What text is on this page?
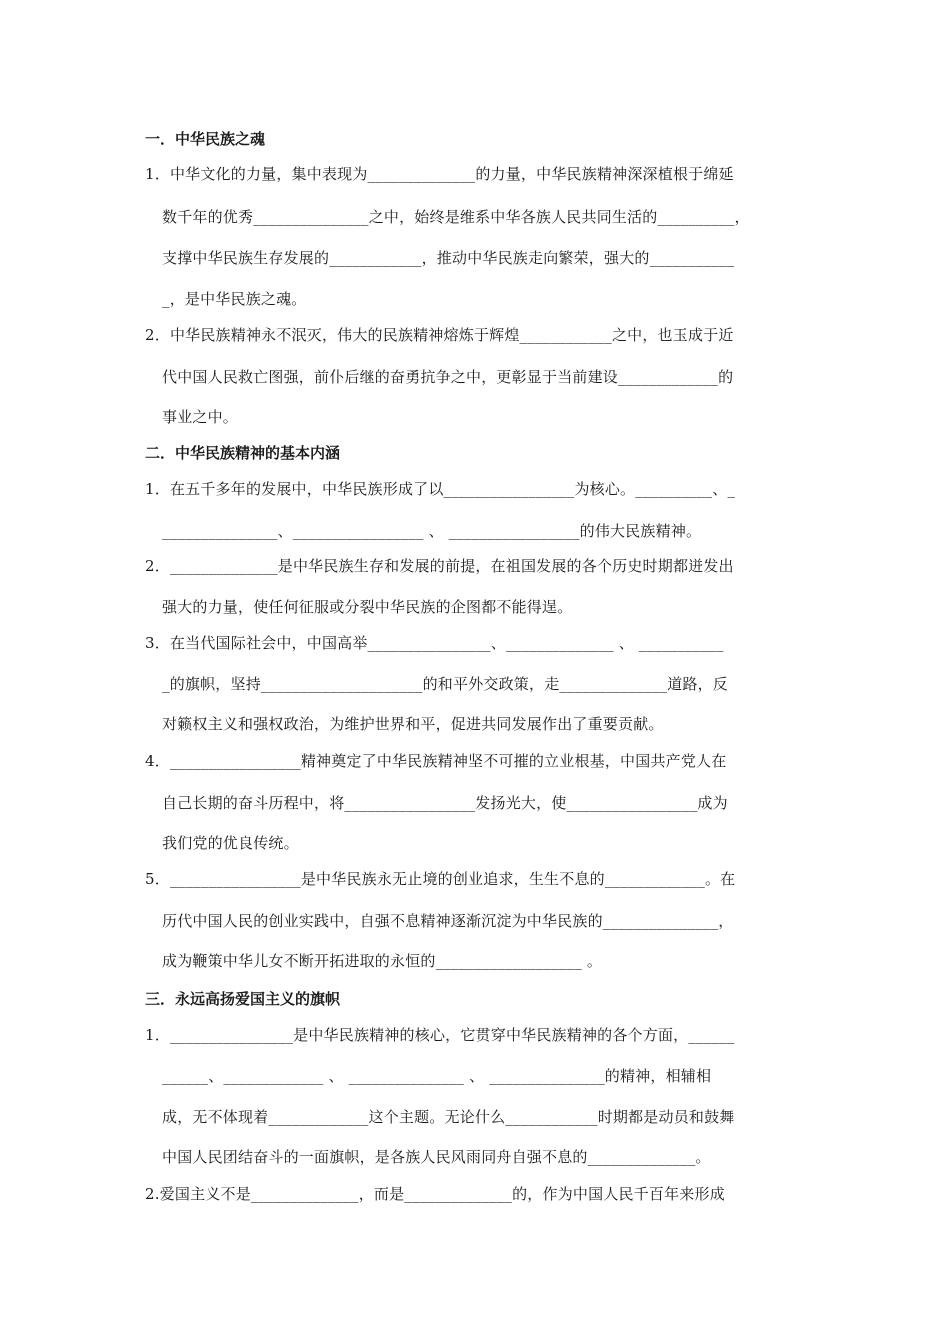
一．中华民族之魂
1．中华文化的力量，集中表现为______________的力量，中华民族精神深深植根于绵延
数千年的优秀_______________之中，始终是维系中华各族人民共同生活的__________，
支撑中华民族生存发展的____________，推动中华民族走向繁荣，强大的___________
_，是中华民族之魂。
2．中华民族精神永不泯灭，伟大的民族精神熔炼于辉煌____________之中，也玉成于近
代中国人民救亡图强，前仆后继的奋勇抗争之中，更彰显于当前建设_____________的
事业之中。
二．中华民族精神的基本内涵
1．在五千多年的发展中，中华民族形成了以_________________为核心。__________、_
_______________、_________________ 、 _________________的伟大民族精神。
2．______________是中华民族生存和发展的前提，在祖国发展的各个历史时期都迸发出
强大的力量，使任何征服或分裂中华民族的企图都不能得逞。
3．在当代国际社会中，中国高举________________、______________ 、 ___________
_的旗帜，坚持_____________________的和平外交政策，走______________道路，反
对籁权主义和强权政治，为维护世界和平，促进共同发展作出了重要贡献。
4．_________________精神奠定了中华民族精神坚不可摧的立业根基，中国共产党人在
自己长期的奋斗历程中，将_________________发扬光大，使_________________成为
我们党的优良传统。
5．_________________是中华民族永无止境的创业追求，生生不息的_____________。在
历代中国人民的创业实践中，自强不息精神逐渐沉淀为中华民族的_______________，
成为鞭策中华儿女不断开拓进取的永恒的___________________ 。
三．永远高扬爱国主义的旗帜
1．________________是中华民族精神的核心，它贯穿中华民族精神的各个方面，______
______、_____________ 、 _______________ 、 _______________的精神，相辅相
成，无不体现着_____________这个主题。无论什么____________时期都是动员和鼓舞
中国人民团结奋斗的一面旗帜，是各族人民风雨同舟自强不息的______________。
2.爱国主义不是______________，而是______________的，作为中国人民千百年来形成
